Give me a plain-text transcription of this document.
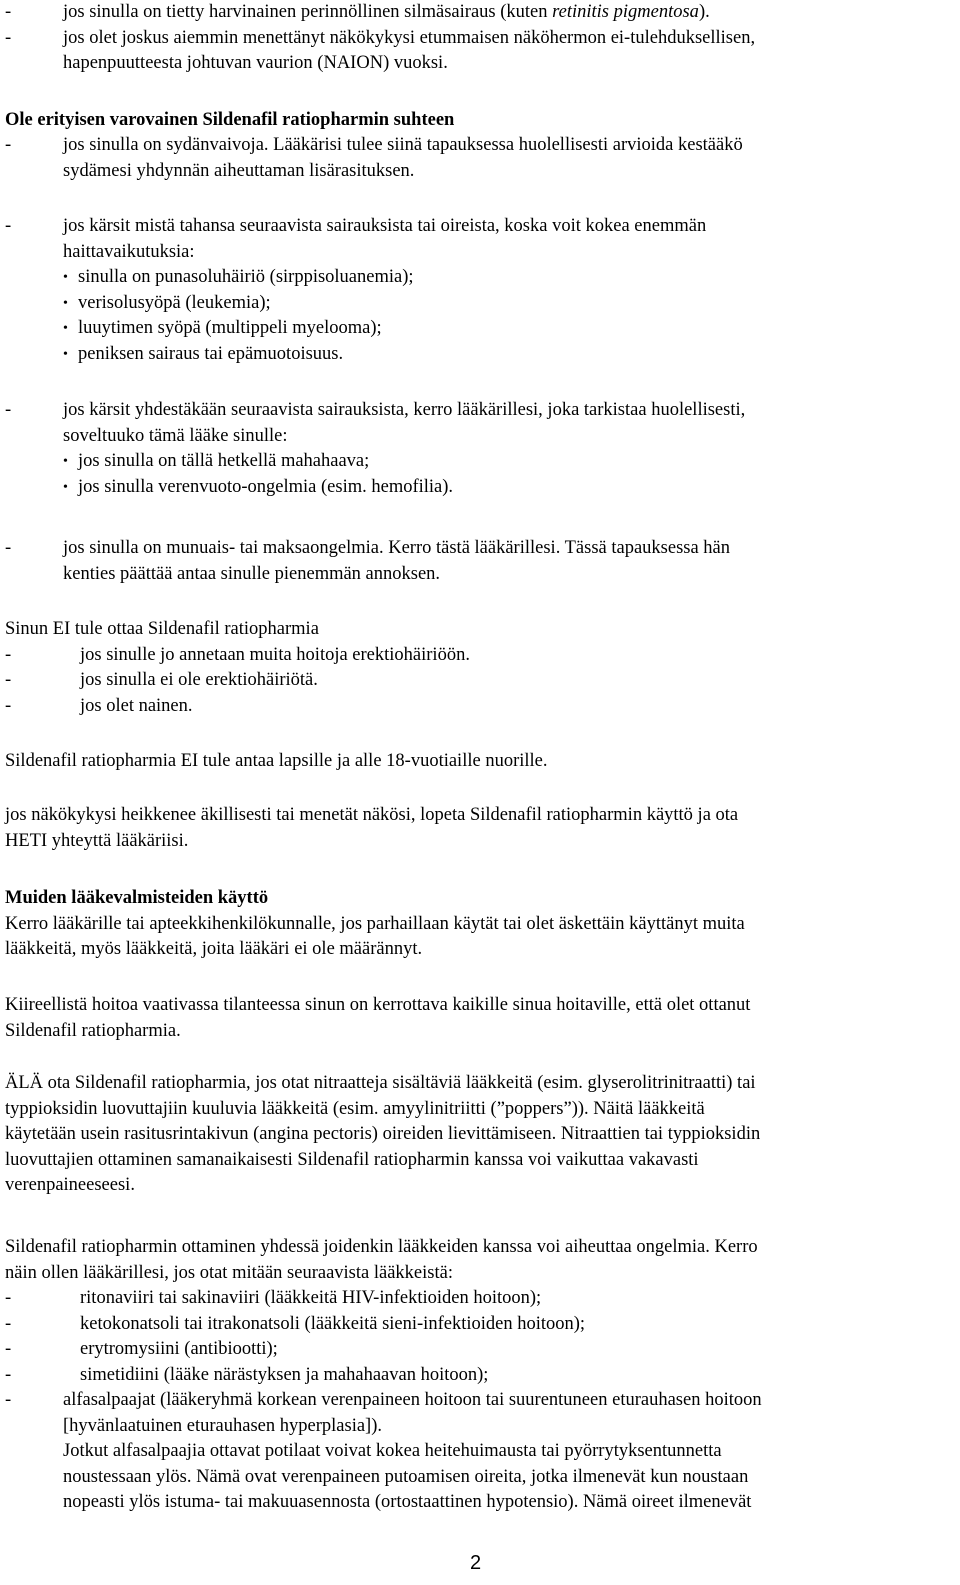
-	jos sinulla on tietty harvinainen perinnöllinen silmäsairaus (kuten retinitis pigmentosa).
-	jos olet joskus aiemmin menettänyt näkökykysi etummaisen näköhermon ei-tulehduksellisen,
hapenpuutteesta johtuvan vaurion (NAION) vuoksi.
Ole erityisen varovainen Sildenafil ratiopharmin suhteen
-	jos sinulla on sydänvaivoja. Lääkärisi tulee siinä tapauksessa huolellisesti arvioida kestääkö
sydämesi yhdynnän aiheuttaman lisärasituksen.
-	jos kärsit mistä tahansa seuraavista sairauksista tai oireista, koska voit kokea enemmän
haittavaikutuksia:
• sinulla on punasoluhäiriö (sirppisoluanemia);
• verisolusyöpä (leukemia);
• luuytimen syöpä (multippeli myelooma);
• peniksen sairaus tai epämuotoisuus.
-	jos kärsit yhdestäkään seuraavista sairauksista, kerro lääkärillesi, joka tarkistaa huolellisesti,
soveltuuko tämä lääke sinulle:
• jos sinulla on tällä hetkellä mahahaava;
• jos sinulla verenvuoto-ongelmia (esim. hemofilia).
-	jos sinulla on munuais- tai maksaongelmia. Kerro tästä lääkärillesi. Tässä tapauksessa hän
kenties päättää antaa sinulle pienemmän annoksen.
Sinun EI tule ottaa Sildenafil ratiopharmia
-	jos sinulle jo annetaan muita hoitoja erektiohäiriöön.
-	jos sinulla ei ole erektiohäiriötä.
-	jos olet nainen.
Sildenafil ratiopharmia EI tule antaa lapsille ja alle 18-vuotiaille nuorille.
jos näkökykysi heikkenee äkillisesti tai menetät näkösi, lopeta Sildenafil ratiopharmin käyttö ja ota
HETI yhteyttä lääkäriisi.
Muiden lääkevalmisteiden käyttö
Kerro lääkärille tai apteekkihenkilökunnalle, jos parhaillaan käytät tai olet äskettäin käyttänyt muita
lääkkeitä, myös lääkkeitä, joita lääkäri ei ole määrännyt.
Kiireellistä hoitoa vaativassa tilanteessa sinun on kerrottava kaikille sinua hoitaville, että olet ottanut
Sildenafil ratiopharmia.
ÄLÄ ota Sildenafil ratiopharmia, jos otat nitraatteja sisältäviä lääkkeitä (esim. glyserolitrinitraatti) tai
typpioksidin luovuttajiin kuuluvia lääkkeitä (esim. amyylinitriitti (”poppers”)). Näitä lääkkeitä
käytetään usein rasitusrintakivun (angina pectoris) oireiden lievittämiseen. Nitraattien tai typpioksidin
luovuttajien ottaminen samanaikaisesti Sildenafil ratiopharmin kanssa voi vaikuttaa vakavasti
verenpaineeseesi.
Sildenafil ratiopharmin ottaminen yhdessä joidenkin lääkkeiden kanssa voi aiheuttaa ongelmia. Kerro
näin ollen lääkärillesi, jos otat mitään seuraavista lääkkeistä:
-	ritonaviiri tai sakinaviiri (lääkkeitä HIV-infektioiden hoitoon);
-	ketokonatsoli tai itrakonatsoli (lääkkeitä sieni-infektioiden hoitoon);
-	erytromysiini (antibiootti);
-	simetidiini (lääke närästyksen ja mahahaavan hoitoon);
-	alfasalpaajat (lääkeryhmä korkean verenpaineen hoitoon tai suurentuneen eturauhasen hoitoon
[hyvänlaatuinen eturauhasen hyperplasia]).
Jotkut alfasalpaajia ottavat potilaat voivat kokea heitehuimausta tai pyörrytyksentunnetta
noustessaan ylös. Nämä ovat verenpaineen putoamisen oireita, jotka ilmenevät kun noustaan
nopeasti ylös istuma- tai makuuasennosta (ortostaattinen hypotensio). Nämä oireet ilmenevät
2
